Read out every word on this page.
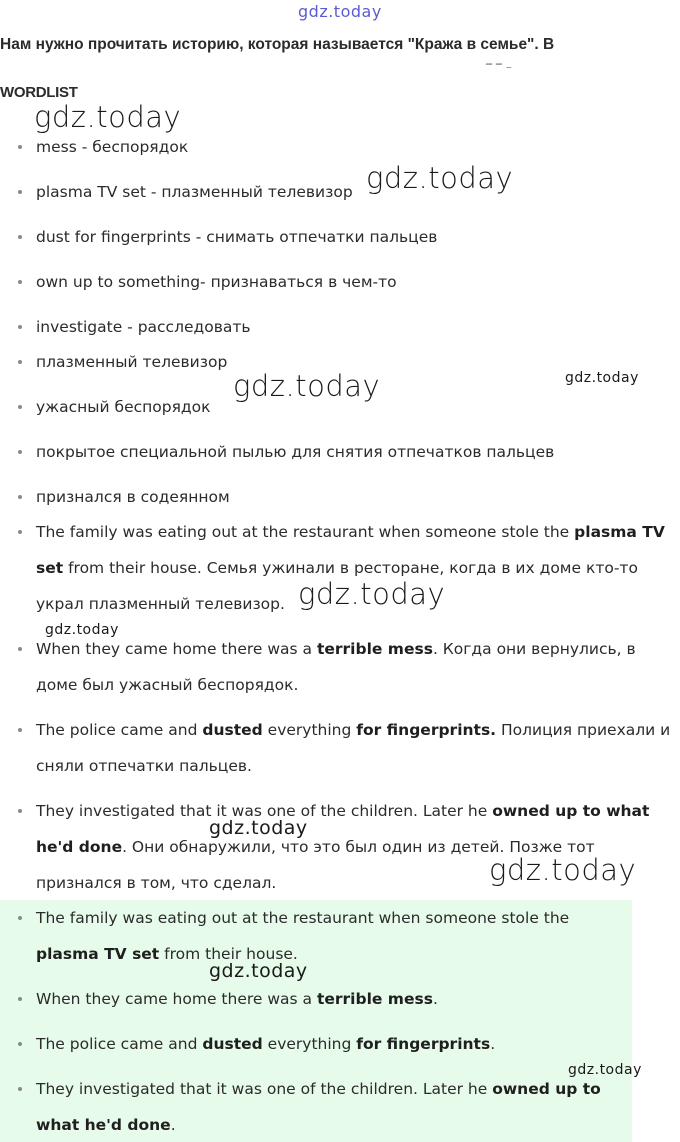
gdz.today
Нам нужно прочитать историю, которая называется "Кража в семье". В
‾ ‾ ⁻
WORDLIST
mess - беспорядок
plasma TV set - плазменный телевизор
dust for fingerprints - снимать отпечатки пальцев
own up to something- признаваться в чем-то
investigate - расследовать
плазменный телевизор
ужасный беспорядок
покрытое специальной пылью для снятия отпечатков пальцев
признался в содеянном
The family was eating out at the restaurant when someone stole the plasma TV set from their house. Семья ужинали в ресторане, когда в их доме кто-то украл плазменный телевизор.
When they came home there was a terrible mess. Когда они вернулись, в доме был ужасный беспорядок.
The police came and dusted everything for fingerprints. Полиция приехали и сняли отпечатки пальцев.
They investigated that it was one of the children. Later he owned up to what he'd done. Они обнаружили, что это был один из детей. Позже тот признался в том, что сделал.
The family was eating out at the restaurant when someone stole the plasma TV set from their house.
When they came home there was a terrible mess.
The police came and dusted everything for fingerprints.
They investigated that it was one of the children. Later he owned up to what he'd done.
gdz.today
gdz.today
gdz.today	gdz.today
gdz.today
gdz.today
gdz.today
gdz.today
gdz.today
gdz.today
